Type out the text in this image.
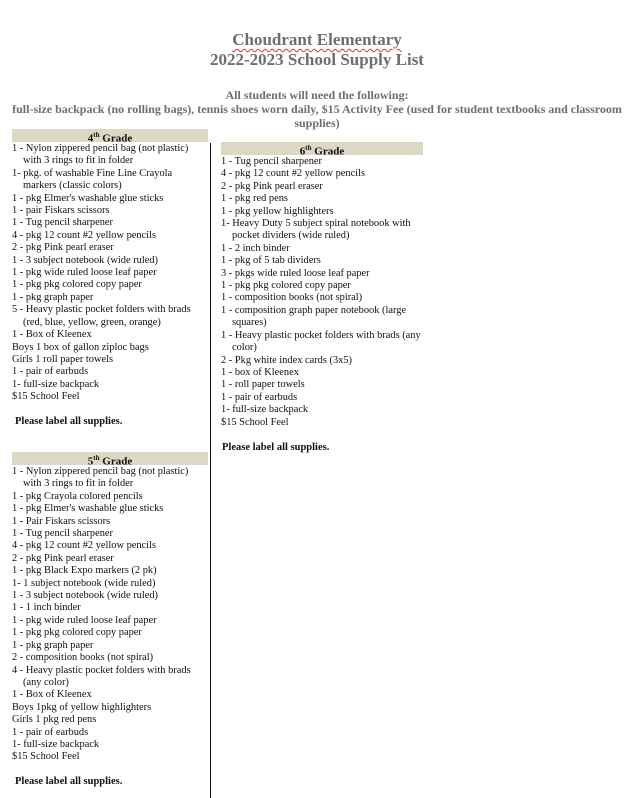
Choudrant Elementary
2022-2023 School Supply List
All students will need the following:
full-size backpack (no rolling bags), tennis shoes worn daily, $15 Activity Fee (used for student textbooks and classroom supplies)
4th Grade
1 - Nylon zippered pencil bag (not plastic) with 3 rings to fit in folder
1- pkg. of washable Fine Line Crayola markers (classic colors)
1 - pkg Elmer's washable glue sticks
1 - pair Fiskars scissors
1 - Tug pencil sharpener
4 - pkg 12 count #2 yellow pencils
2 - pkg Pink pearl eraser
1 - 3 subject notebook (wide ruled)
1 - pkg wide ruled loose leaf paper
1 - pkg pkg colored copy paper
1 - pkg graph paper
5 - Heavy plastic pocket folders with brads (red, blue, yellow, green, orange)
1 - Box of Kleenex
Boys 1 box of gallon ziploc bags
Girls 1 roll paper towels
1 - pair of earbuds
1- full-size backpack
$15 School Feel
Please label all supplies.
5th Grade
1 - Nylon zippered pencil bag (not plastic) with 3 rings to fit in folder
1 - pkg Crayola colored pencils
1 - pkg Elmer's washable glue sticks
1 - Pair Fiskars scissors
1 - Tug pencil sharpener
4 - pkg 12 count #2 yellow pencils
2 - pkg Pink pearl eraser
1 - pkg Black Expo markers (2 pk)
1- 1 subject notebook (wide ruled)
1 - 3 subject notebook (wide ruled)
1 - 1 inch binder
1 - pkg wide ruled loose leaf paper
1 - pkg pkg colored copy paper
1 - pkg graph paper
2 - composition books (not spiral)
4 - Heavy plastic pocket folders with brads (any color)
1 - Box of Kleenex
Boys 1pkg of yellow highlighters
Girls 1 pkg red pens
1 - pair of earbuds
1- full-size backpack
$15 School Feel
Please label all supplies.
6th Grade
1 - Tug pencil sharpener
4 - pkg 12 count #2 yellow pencils
2 - pkg Pink pearl eraser
1 - pkg red pens
1 - pkg yellow highlighters
1- Heavy Duty 5 subject spiral notebook with pocket dividers (wide ruled)
1 - 2 inch binder
1 - pkg of 5 tab dividers
3 - pkgs wide ruled loose leaf paper
1 - pkg pkg colored copy paper
1 - composition books (not spiral)
1 - composition graph paper notebook (large squares)
1 - Heavy plastic pocket folders with brads (any color)
2 - Pkg white index cards (3x5)
1 - box of Kleenex
1 - roll paper towels
1 - pair of earbuds
1- full-size backpack
$15 School Feel
Please label all supplies.
